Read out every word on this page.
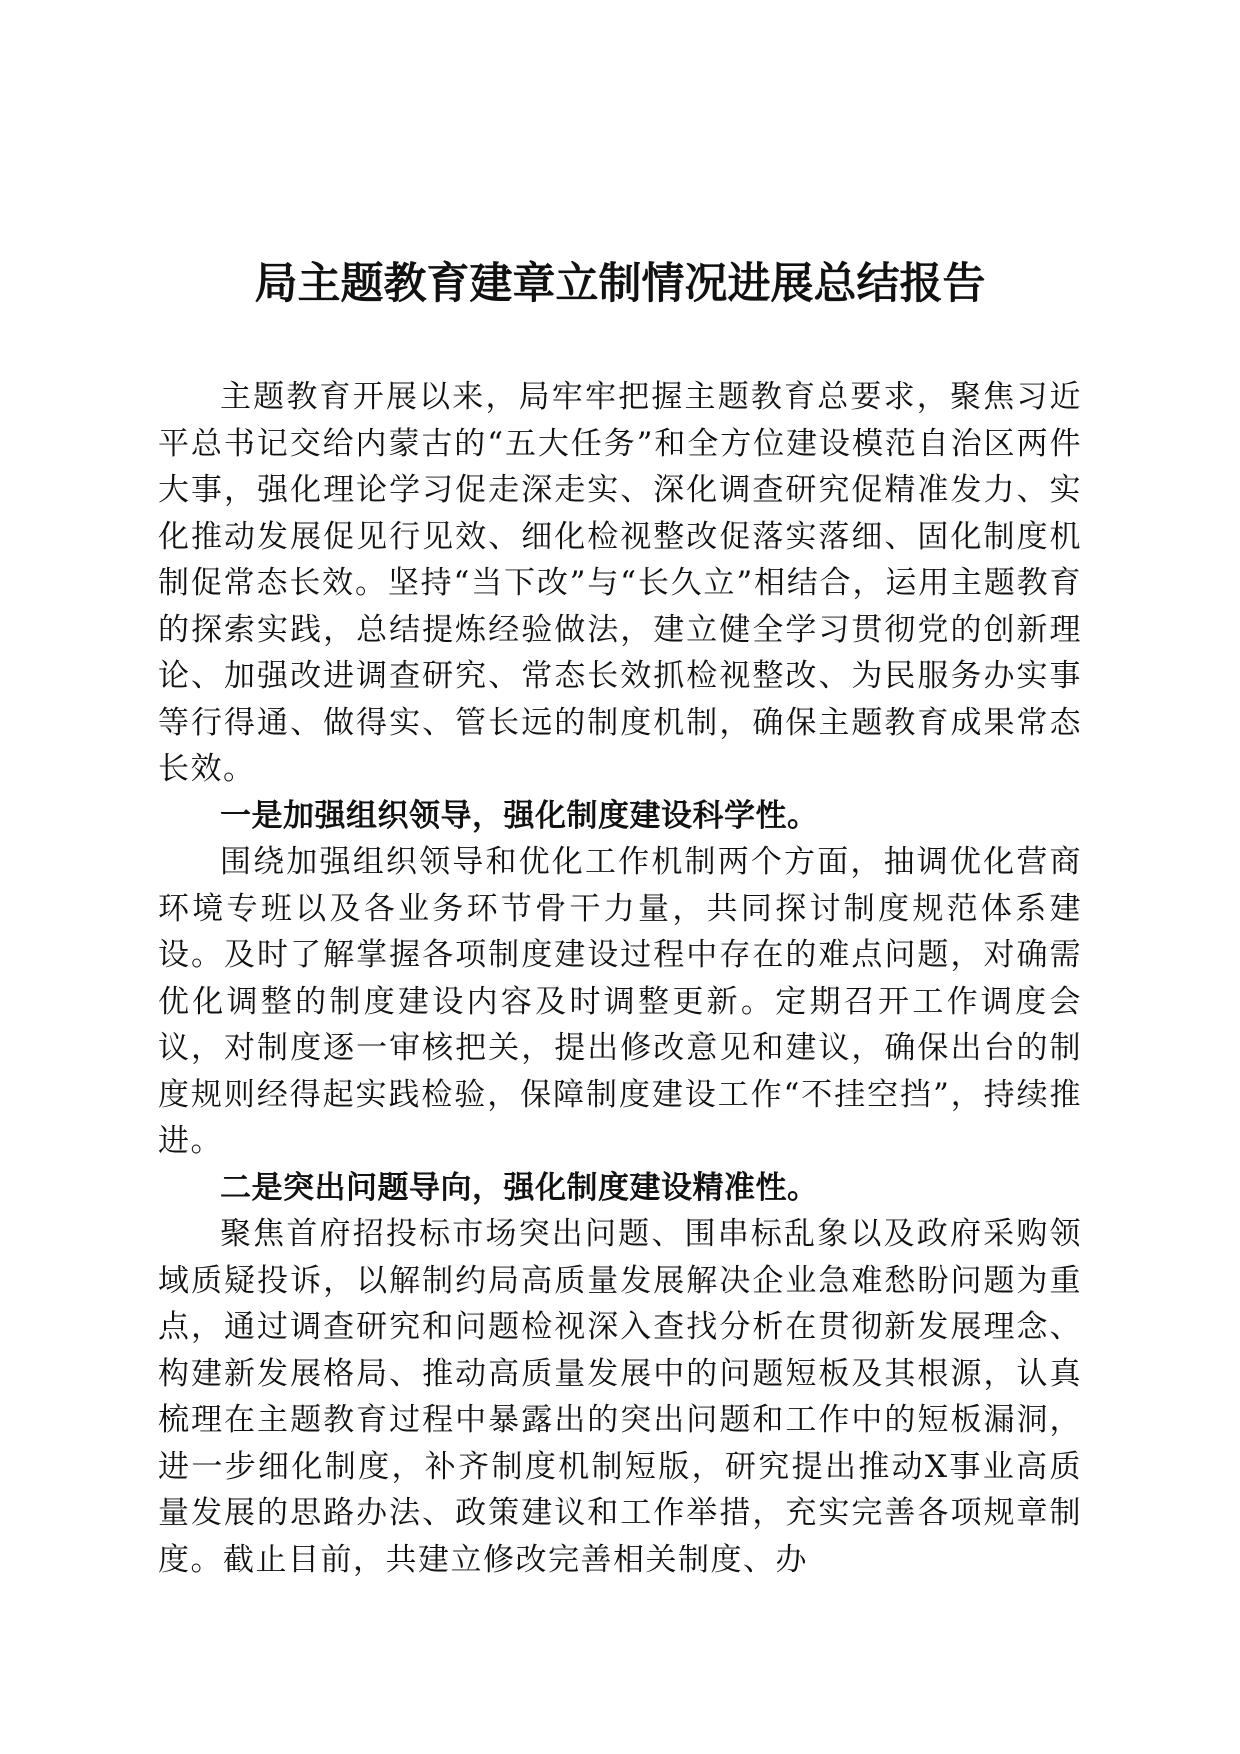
局主题教育建章立制情况进展总结报告

主题教育开展以来，局牢牢把握主题教育总要求，聚焦习近平总书记交给内蒙古的“五大任务”和全方位建设模范自治区两件大事，强化理论学习促走深走实、深化调查研究促精准发力、实化推动发展促见行见效、细化检视整改促落实落细、固化制度机制促常态长效。坚持“当下改”与“长久立”相结合，运用主题教育的探索实践，总结提炼经验做法，建立健全学习贯彻党的创新理论、加强改进调查研究、常态长效抓检视整改、为民服务办实事等行得通、做得实、管长远的制度机制，确保主题教育成果常态长效。

一是加强组织领导，强化制度建设科学性。

围绕加强组织领导和优化工作机制两个方面，抽调优化营商环境专班以及各业务环节骨干力量，共同探讨制度规范体系建设。及时了解掌握各项制度建设过程中存在的难点问题，对确需优化调整的制度建设内容及时调整更新。定期召开工作调度会议，对制度逐一审核把关，提出修改意见和建议，确保出台的制度规则经得起实践检验，保障制度建设工作“不挂空挡”，持续推进。

二是突出问题导向，强化制度建设精准性。

聚焦首府招投标市场突出问题、围串标乱象以及政府采购领域质疑投诉，以解制约局高质量发展解决企业急难愁盼问题为重点，通过调查研究和问题检视深入查找分析在贯彻新发展理念、构建新发展格局、推动高质量发展中的问题短板及其根源，认真梳理在主题教育过程中暴露出的突出问题和工作中的短板漏洞，进一步细化制度，补齐制度机制短版，研究提出推动X事业高质量发展的思路办法、政策建议和工作举措，充实完善各项规章制度。截止目前，共建立修改完善相关制度、办
